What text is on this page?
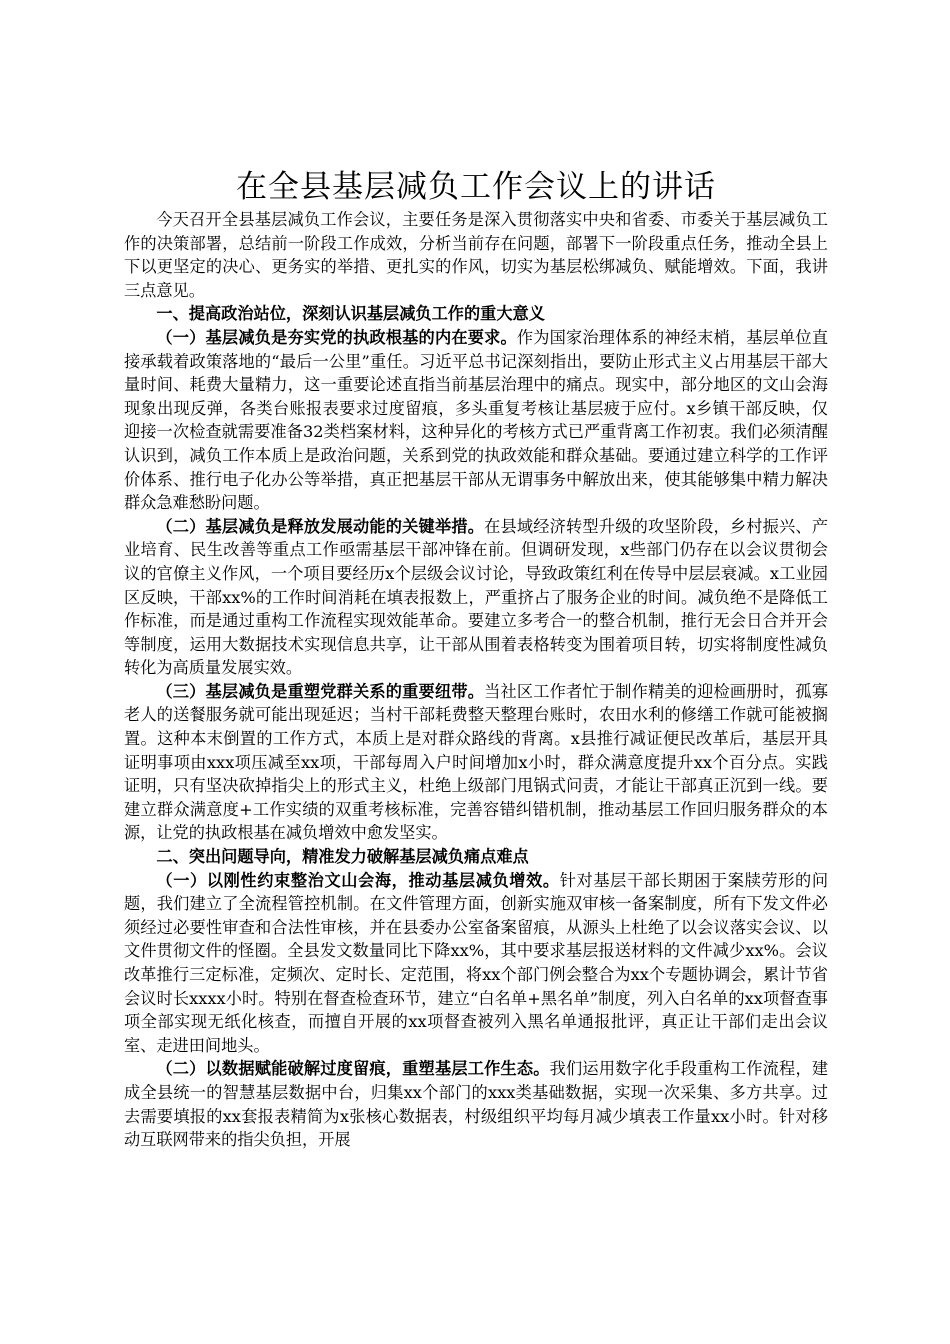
在全县基层减负工作会议上的讲话

今天召开全县基层减负工作会议，主要任务是深入贯彻落实中央和省委、市委关于基层减负工作的决策部署，总结前一阶段工作成效，分析当前存在问题，部署下一阶段重点任务，推动全县上下以更坚定的决心、更务实的举措、更扎实的作风，切实为基层松绑减负、赋能增效。下面，我讲三点意见。

一、提高政治站位，深刻认识基层减负工作的重大意义

（一）基层减负是夯实党的执政根基的内在要求。作为国家治理体系的神经末梢，基层单位直接承载着政策落地的“最后一公里”重任。习近平总书记深刻指出，要防止形式主义占用基层干部大量时间、耗费大量精力，这一重要论述直指当前基层治理中的痛点。现实中，部分地区的文山会海现象出现反弹，各类台账报表要求过度留痕，多头重复考核让基层疲于应付。x乡镇干部反映，仅迎接一次检查就需要准备32类档案材料，这种异化的考核方式已严重背离工作初衷。我们必须清醒认识到，减负工作本质上是政治问题，关系到党的执政效能和群众基础。要通过建立科学的工作评价体系、推行电子化办公等举措，真正把基层干部从无谓事务中解放出来，使其能够集中精力解决群众急难愁盼问题。

（二）基层减负是释放发展动能的关键举措。在县域经济转型升级的攻坚阶段，乡村振兴、产业培育、民生改善等重点工作亟需基层干部冲锋在前。但调研发现，x些部门仍存在以会议贯彻会议的官僚主义作风，一个项目要经历x个层级会议讨论，导致政策红利在传导中层层衰减。x工业园区反映，干部xx%的工作时间消耗在填表报数上，严重挤占了服务企业的时间。减负绝不是降低工作标准，而是通过重构工作流程实现效能革命。要建立多考合一的整合机制，推行无会日合并开会等制度，运用大数据技术实现信息共享，让干部从围着表格转变为围着项目转，切实将制度性减负转化为高质量发展实效。

（三）基层减负是重塑党群关系的重要纽带。当社区工作者忙于制作精美的迎检画册时，孤寡老人的送餐服务就可能出现延迟；当村干部耗费整天整理台账时，农田水利的修缮工作就可能被搁置。这种本末倒置的工作方式，本质上是对群众路线的背离。x县推行减证便民改革后，基层开具证明事项由xxx项压减至xx项，干部每周入户时间增加x小时，群众满意度提升xx个百分点。实践证明，只有坚决砍掉指尖上的形式主义，杜绝上级部门甩锅式问责，才能让干部真正沉到一线。要建立群众满意度+工作实绩的双重考核标准，完善容错纠错机制，推动基层工作回归服务群众的本源，让党的执政根基在减负增效中愈发坚实。

二、突出问题导向，精准发力破解基层减负痛点难点

（一）以刚性约束整治文山会海，推动基层减负增效。针对基层干部长期困于案牍劳形的问题，我们建立了全流程管控机制。在文件管理方面，创新实施双审核一备案制度，所有下发文件必须经过必要性审查和合法性审核，并在县委办公室备案留痕，从源头上杜绝了以会议落实会议、以文件贯彻文件的怪圈。全县发文数量同比下降xx%，其中要求基层报送材料的文件减少xx%。会议改革推行三定标准，定频次、定时长、定范围，将xx个部门例会整合为xx个专题协调会，累计节省会议时长xxxx小时。特别在督查检查环节，建立“白名单+黑名单”制度，列入白名单的xx项督查事项全部实现无纸化核查，而擅自开展的xx项督查被列入黑名单通报批评，真正让干部们走出会议室、走进田间地头。

（二）以数据赋能破解过度留痕，重塑基层工作生态。我们运用数字化手段重构工作流程，建成全县统一的智慧基层数据中台，归集xx个部门的xxx类基础数据，实现一次采集、多方共享。过去需要填报的xx套报表精简为x张核心数据表，村级组织平均每月减少填表工作量xx小时。针对移动互联网带来的指尖负担，开展
